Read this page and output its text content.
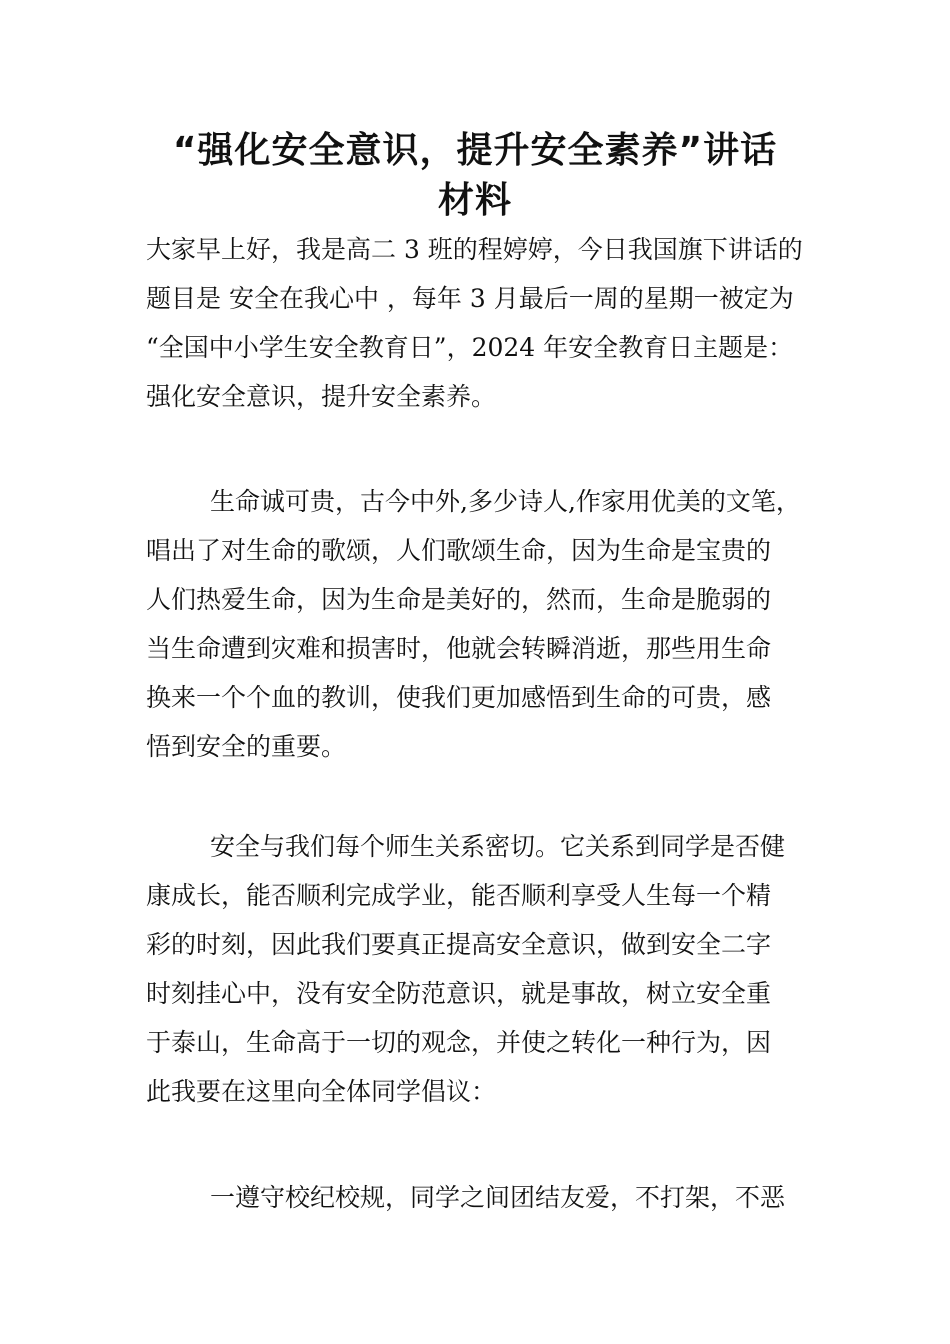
“强化安全意识，提升安全素养”讲话
材料
大家早上好，我是高二 3 班的程婷婷，今日我国旗下讲话的
题目是 安全在我心中 ，每年 3 月最后一周的星期一被定为
“全国中小学生安全教育日”，2024 年安全教育日主题是：
强化安全意识，提升安全素养。
生命诚可贵，古今中外,多少诗人,作家用优美的文笔，
唱出了对生命的歌颂，人们歌颂生命，因为生命是宝贵的
人们热爱生命，因为生命是美好的，然而，生命是脆弱的
当生命遭到灾难和损害时，他就会转瞬消逝，那些用生命
换来一个个血的教训，使我们更加感悟到生命的可贵，感
悟到安全的重要。
安全与我们每个师生关系密切。它关系到同学是否健
康成长，能否顺利完成学业，能否顺利享受人生每一个精
彩的时刻，因此我们要真正提高安全意识，做到安全二字
时刻挂心中，没有安全防范意识，就是事故，树立安全重
于泰山，生命高于一切的观念，并使之转化一种行为，因
此我要在这里向全体同学倡议：
一遵守校纪校规，同学之间团结友爱，不打架，不恶
